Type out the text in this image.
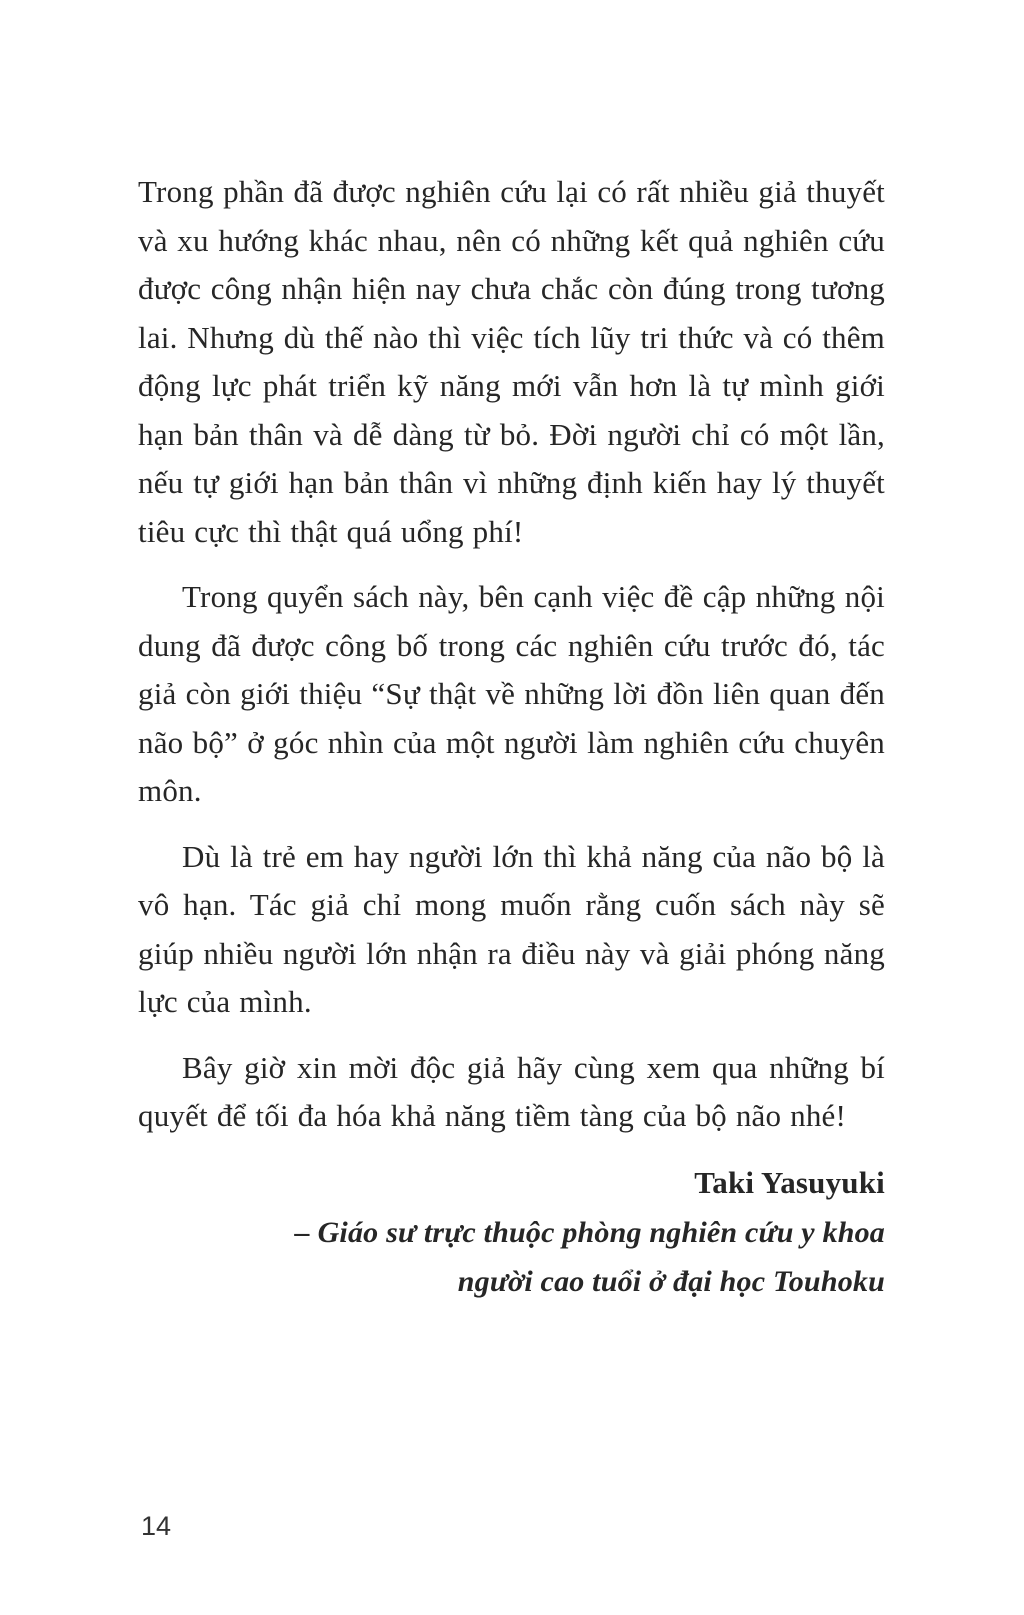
Trong phần đã được nghiên cứu lại có rất nhiều giả thuyết và xu hướng khác nhau, nên có những kết quả nghiên cứu được công nhận hiện nay chưa chắc còn đúng trong tương lai. Nhưng dù thế nào thì việc tích lũy tri thức và có thêm động lực phát triển kỹ năng mới vẫn hơn là tự mình giới hạn bản thân và dễ dàng từ bỏ. Đời người chỉ có một lần, nếu tự giới hạn bản thân vì những định kiến hay lý thuyết tiêu cực thì thật quá uổng phí!

Trong quyển sách này, bên cạnh việc đề cập những nội dung đã được công bố trong các nghiên cứu trước đó, tác giả còn giới thiệu “Sự thật về những lời đồn liên quan đến não bộ” ở góc nhìn của một người làm nghiên cứu chuyên môn.

Dù là trẻ em hay người lớn thì khả năng của não bộ là vô hạn. Tác giả chỉ mong muốn rằng cuốn sách này sẽ giúp nhiều người lớn nhận ra điều này và giải phóng năng lực của mình.

Bây giờ xin mời độc giả hãy cùng xem qua những bí quyết để tối đa hóa khả năng tiềm tàng của bộ não nhé!

Taki Yasuyuki
– Giáo sư trực thuộc phòng nghiên cứu y khoa
người cao tuổi ở đại học Touhoku
14
